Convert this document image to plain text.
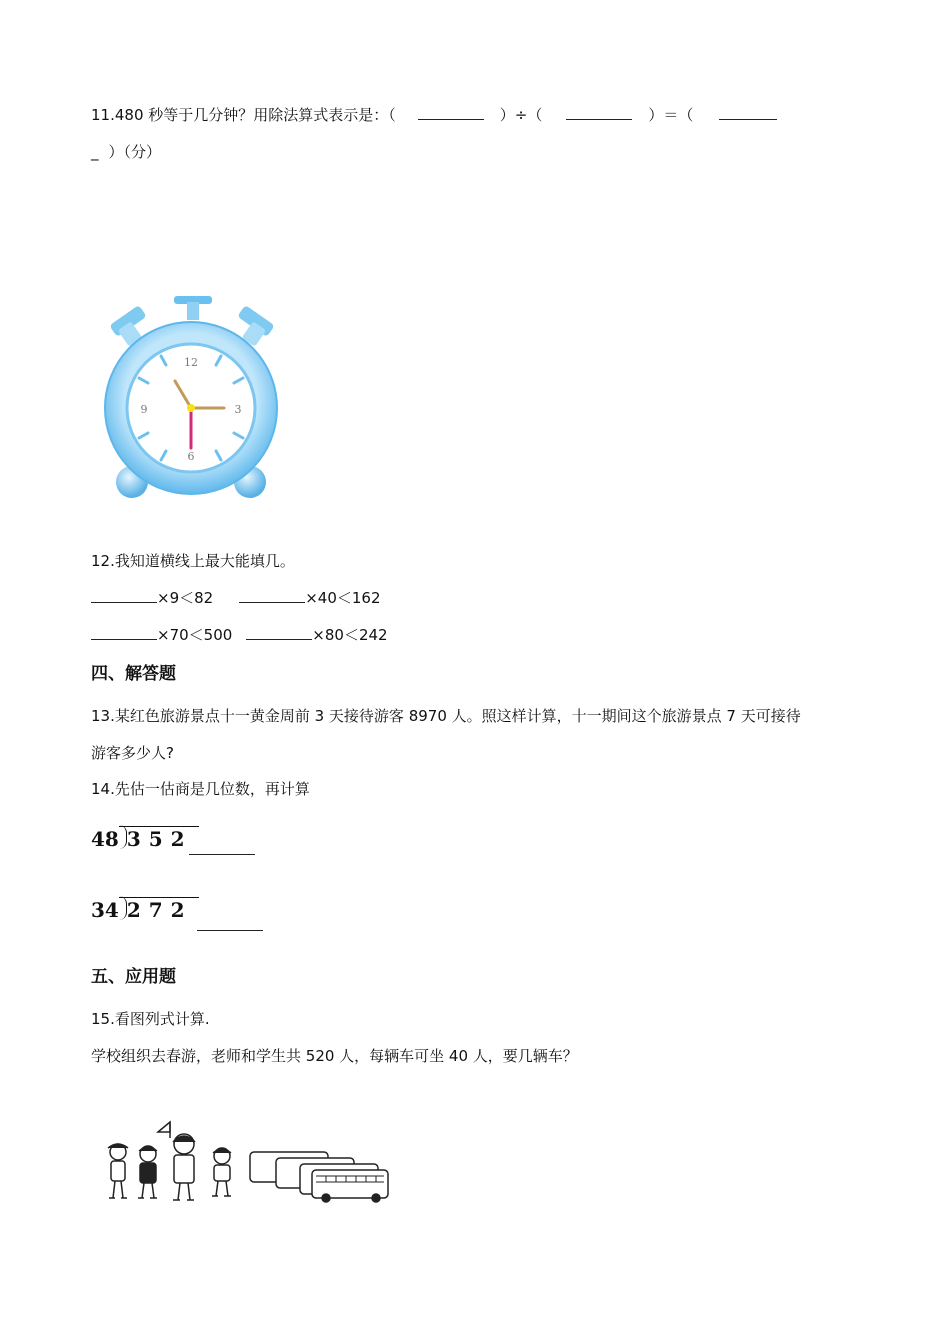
11.480 秒等于几分钟？用除法算式表示是：（	）÷（	）＝（
_ ）（分）
12
3
6
9
12.我知道横线上最大能填几。
×9＜82	×40＜162
×70＜500	×80＜242
四、解答题
13.某红色旅游景点十一黄金周前 3 天接待游客 8970 人。照这样计算，十一期间这个旅游景点 7 天可接待
游客多少人?
14.先估一估商是几位数，再计算
48 352
34 272
五、应用题
15.看图列式计算.
学校组织去春游，老师和学生共 520 人，每辆车可坐 40 人，要几辆车？
